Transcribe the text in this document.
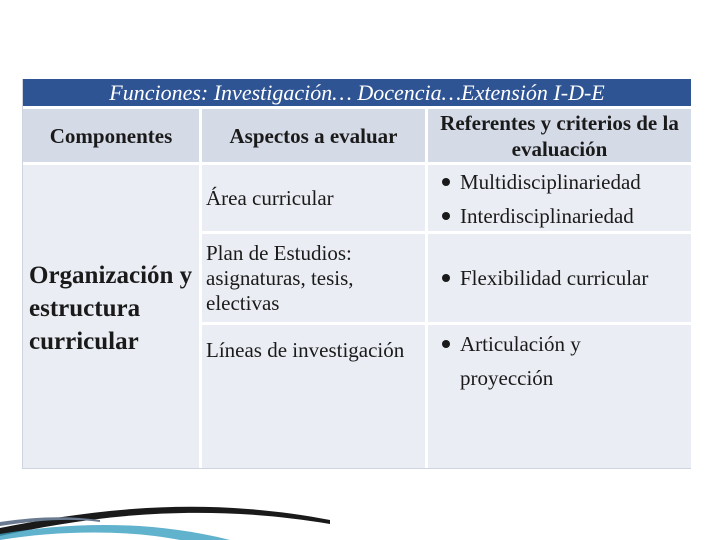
Funciones: Investigación… Docencia…Extensión I-D-E
Componentes	Aspectos a evaluar
Referentes y criterios de la evaluación
Área curricular
Multidisciplinariedad
Interdisciplinariedad
Plan de Estudios: asignaturas, tesis, electivas
Flexibilidad curricular
Líneas de investigación	Articulación y proyección
Organización y estructura curricular
